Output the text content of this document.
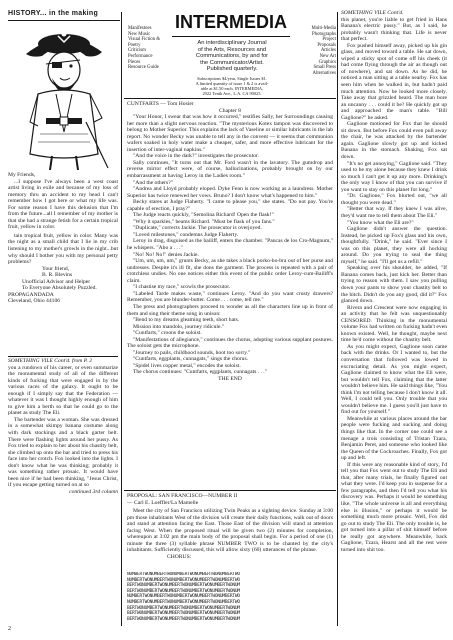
HISTORY... in the making

My Friends,

...I suppose I've always been a west coast artist living in exile and because of my loss of memory thru an accident to my head I can't remember how I got here or what my life was. For some reason I have this delusion that I'm from the future...all I remember of my mother is that she had a strange fetish for a certain tropical fruit, yellow in color.

tain tropical fruit, yellow in color. Many was the night as a small child that I lie in my crib listening to my mother's growls in the night...but why should I bother you with my personal petty problems?

Your friend,

B. R. Blevins

Unofficial Advisor and Helper

To Everyone Absolutely Puzzled.

PROPAGANDADA

Cleveland, Ohio 44106

SOMETHING VILE Cont'd. from P. 2

you a rundown of his career, or even summarize the monumental study of all of the different kinds of fucking that were engaged in by the various races of the galaxy. It ought to be enough if I simply say that the Federation — whatever it was I thought highly enough of him to give him a berth so that he could go to the planet as study The Eli.

The bartender was a woman. She was dressed in a somewhat skimpy banana costume along with dark stockings and a black garter belt. There were flashing lights around her pussy. As Fox tried to explain to her about his chastity belt, she climbed up onto the bar and tried to press his face into her crotch. Fox looked into the lights. I don't know what he was thinking; probably it was something rather prosaic. It would have been nice if he had been thinking, "Jesus Christ, if you escape getting turned on at so

continued 3rd column

2
Manifestoes
New Music
Visual Fiction &
Poetry
Criticism
Performance
Pieces
Resource Guide
INTERMEDIA
An interdisciplinary Journal
of the Arts, Resources and
Communications, by and for
the Communicator/Artist.
Published quarterly.
Subscriptions $4/year, Single Issues $1.
A limited quantity of issue 1 & 2 is avail-
able at $1.50 each. INTERMEDIA,
2922 Tenth Ave., L.A. CA 90025.
Multi-Media
Photographs
Project
Proposals
Articles
New Art
Graphics
Small Press
Alternatives

CUNTFARTS — Tom Hosier

Chapter 8

"Your Honor, I swear that was how it occurred," testifies Sally, her Surroundings causing her more than a slight nervous reaction. "The mysterious Kotex tampon was discovered to belong to Mother Superior. This explains the lack of Vaseline or similar lubricants in the lab report. No wonder Becky was unable to tell any in the convent — it seems that communion wafers soaked in holy water make a cheaper, safer, and more effective lubricant for the insertion of inter-vaginal napkins."

"And the voice in the dark?" investigates the prosecutor.

Sally continues, "It turns out that Mr. Ford wasn't in the lavatory. The gumdrop and reverse mirror effect were, of course, hallucinations, probably brought on by our embarrassment at having Leroy in the Ladies room."

"And the others?"

"Andrea and Lloyd probably eloped. Dyke Fenn is now working as a laundress. Mother Superior has twice renewed her vows. Bruno? I don't know what's happened to him."

Becky stares at Judge Flaherty. "I came to please you," she states. "Do not pay. You're capable of erection, I pray?"

The Judge reacts quickly, "Semolina Richard! Open the flask!"

"Why it sparkles," beams Richard. "Must be flask of you fans."

"Duplicate," corrects Jackie. The prosecutor is overjoyed.

"Loved milestones," condemns Judge Flaherty.

Leroy in drag, disguised as the bailiff, enters the chamber. "Pancas de los Cro-Magnum," he whispers. "Abo a . . ."

"No! No! No!" denies Jackie.

"Um, um, um, um," grunts Becky, as she takes a black porko-bo-bra out of her purse and undresses. Despite it's ill fit, she dons the garment. The process is repeated with a pair of crotchless undies. No one notices either this event of the public order Leroy-cum-Bailiff's claim.

"I chastise my race," scowls the prosecutor.

"Labeled Tarde makes waste," continues Leroy. "And do you want crusty drawers? Remember, you are blunder-butter. Come . . . come, tell me."

The press and photographers proceed to wonder as all the characters line up in front of them and sing their theme song in unison:

"Bend to my dreams gleaming teeth, short hats.

Mission into mandolo, journey ridicule."

"Cuntfarts," croons the soloist.

"Manifestations of allegiance," continues the chorus, adopting various supplant postures. The soloist gets the microphone.

"Journey to pails, childhood sounds, hoot too sorry."

"Cuntfarts, eggplants, cunnagats," sings the chorus.

"Spidel lives copper metal," encodes the soloist.

The chorus continues: "Cuntfarts, eggplants, cunnagats . . ."

THE END

PROPOSAL: SAN FRANCISCO—NUMBER II

— Carl E. Loeffler/La Mamelle

Meet the city of San Francisco utilizing Twin Peaks as a sighting device. Sunday at 3:00 pm those inhabitants West of the division will create their daily functions, walk out of doors and stand at attention facing the East. Those East of the division will stand at attention facing West. When the proposed ritual will be given two (2) minutes for completion, whereupon at 3:02 pm the main body of the proposal shall begin. For a period of one (1) minute the three (3) syllable phrase NUMBER TWO is to be chanted by the city's inhabitants. Sufficiently discussed, this will allow sixty (60) utterances of the phrase.

CHORUS:

NUMBERTWONUMBERTWONUMBERTWONUMBERTWONUMBERTWO
NUMBERTWONUMBERTWONUMBERTWONUMBERTWONUMBERTWO
BERTWONUMBERTWONUMBERTWONUMBERTWONUMBERTWONUM
BERTWONUMBERTWONUMBERTWONUMBERTWONUMBERTWONUM
NUMBERTWONUMBERTWONUMBERTWONUMBERTWONUMBERTWO
NUMBERTWONUMBERTWONUMBERTWONUMBERTWONUMBERTWO
BERTWONUMBERTWONUMBERTWONUMBERTWONUMBERTWONUM
BERTWONUMBERTWONUMBERTWONUMBERTWONUMBERTWONUM
BERTWONUMBERTWONUMBERTWONUMBERTWONUMBERTWONUM

SOMETHING VILE Cont'd.

this planet, you're liable to get fried in Hans Banana's electric pussy." But, as I said, he probably wasn't thinking that. Life is never that perfect.

Fox pushed himself away, picked up his gin glass, and moved toward a table. He sat down, wiped a sticky spot of come off his cheek (it had come flying through the air as though out of nowhere), and sat down. As he did, he noticed a man sitting at a table nearby. Fox has seen him when he walked in, but hadn't paid much attention. Now he looked more closely. Take away that grizzled beard. The man bore an uncanny . . . could it be? He quickly got up and approached the man's table. "Bill Gaglione?" he asked.

Gaglione motioned for Fox that he should sit down. But before Fox could even pull away the chair, he was attacked by the bartender again. Gaglione slowly got up and kicked Banana in the stomach. Shaking, Fox sat down.

"It's no get annoying," Gaglione said. "They used to be my alone because they knew I drink so much I can't get it up any more. Drinking's the only way I know of that you can survive if you want to stay on this planet for long."

"Dr. Gaglione," Fox blurted out, "we all thought you were dead."

"Better that way. If they knew I was alive, they'd want me to tell them about The Eli."

"You know what the Eli are?"

Gaglione didn't answer the question. Instead, he picked up Fox's glass and his own, thoughtfully. "Drink," he said. "Ever since I was on this planet, they were all hocking around. Do you trying to seal the thing myself," he said. "I'll get us a refill."

Speaking over his shoulder, he added, "If Banana comes back, just kick her. Better than trying to reason with them. I saw you pulling down your pants to show your chastity belt to the bitch. Didn't do you any good, did it?" Fox glanced down.

Rivera and Crescent were now engaging in an activity that he felt was unquestionably CENSORED. Thinking in the monumental volume Fox had written on fucking hadn't even known existed. Well, he thought, maybe next time he'd come without the chastity belt.

As you might expect, Gaglione soon came back with the drinks. Or I wanted to, but the conversation that followed was lowed in excruciating detail. As you might expect, Gaglione claimed to know what the Eli were, but wouldn't tell Fox, claiming that the latter wouldn't believe him. He said things like, "You think I'm not telling because I don't know it all. Well, I could tell you. Only trouble that you wouldn't believe me. I guess you'll just have to find out for yourself."

Meanwhile at various places around the bar people were fucking and sucking and doing things like that. In the corner one could see a menage a trois consisting of Tristan Tzara, Benjamin Peret, and someone who looked like the Queen of the Cockroaches. Finally, Fox got up and left.

If this were any reasonable kind of story, I'd tell you that Fox went out to study The Eli and that, after many trials, he finally figured out what they were. I'd keep you in suspense for a few paragraphs, and then I'd tell you what his discovery was. Perhaps it would be something like, "The whole universe is all and everything else is illusion," or perhaps it would be something much more prosaic. Well, Fox did go out to study The Eli. The only trouble is, he got turned into a pillar of shit himself before he really got anywhere. Meanwhile, back Gaglione, Tzara, Hearst and all the rest were turned into shit too.
